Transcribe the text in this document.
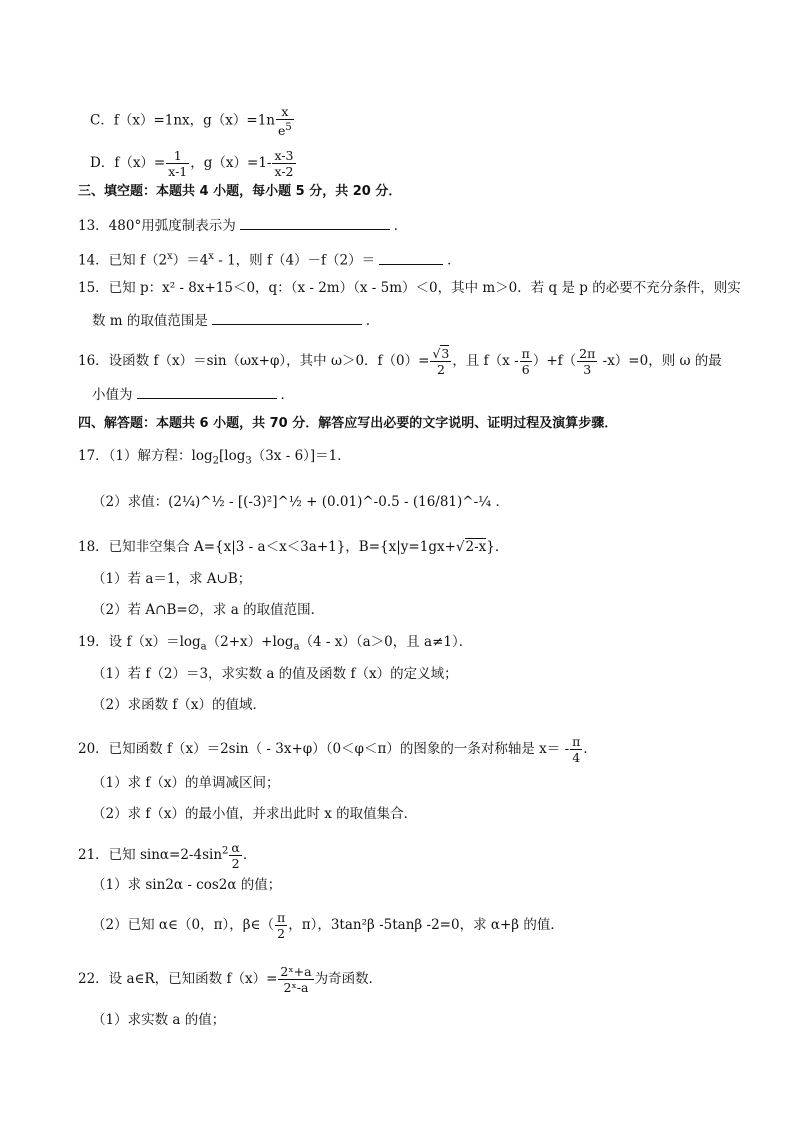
C．f（x）=1nx，$g(x)=1n \frac{x}{e^5}$
D．$f(x)= \frac{1}{x-1}$ ，$g(x)=1- \frac{x-3}{x-2}$
三、填空题：本题共 4 小题，每小题 5 分，共 20 分．
13．480°用弧度制表示为	．
14．已知 $f(2^x)=4^x - 1$，则 f（4）－f（2）＝	．
15．已知 p：x² - 8x+15＜0，q：（x - 2m）（x - 5m）＜0，其中 m＞0．若 q 是 p 的必要不充分条件，则实
数 m 的取值范围是	．
16．设函数 f（x）＝sin（ωx+φ），其中 ω＞0．$f(0)= \frac{√3}{2}$ ，且 $f(x - \frac{\pi}{6} )+f( \frac{2\pi}{3} -x)=0$，则 ω 的最
小值为	．
四、解答题：本题共 6 小题，共 70 分．解答应写出必要的文字说明、证明过程及演算步骤．
17．（1）解方程：$\log_2[\log_3(3x - 6)]=1$．
（2）求值：(2¼)^½ - [(-3)²]^½ + (0.01)^-0.5 - (16/81)^-¼ ．
18．已知非空集合 A={x|3 - a＜x＜3a+1}，B={x|y=1gx+√2-x}．
（1）若 a＝1，求 A∪B；
（2）若 A∩B=∅，求 a 的取值范围．
19．设 $f(x)=\log_a(2+x)+\log_a(4 - x)(a>0$，且 a≠1）．
（1）若 f（2）＝3，求实数 a 的值及函数 f（x）的定义域；
（2）求函数 f（x）的值域．
20．已知函数 f（x）＝2sin（ - 3x+φ）（0＜φ＜π）的图象的一条对称轴是 $x= - \frac{\pi}{4}$ ．
（1）求 f（x）的单调减区间；
（2）求 f（x）的最小值，并求出此时 x 的取值集合．
21．已知 $\sin\alpha=2-4\sin^2 \frac{\alpha}{2}$ ．
（1）求 sin2α - cos2α 的值；
（2）已知 α∈（0，π），β∈（ $\frac{\pi}{2}$ ，π），3tan²β -5tanβ -2=0，求 α+β 的值．
22．设 a∈R，已知函数 $f(x)= \frac{\text{2ˣ+a}}{\text{2ˣ-a}}$ 为奇函数．
（1）求实数 a 的值；
